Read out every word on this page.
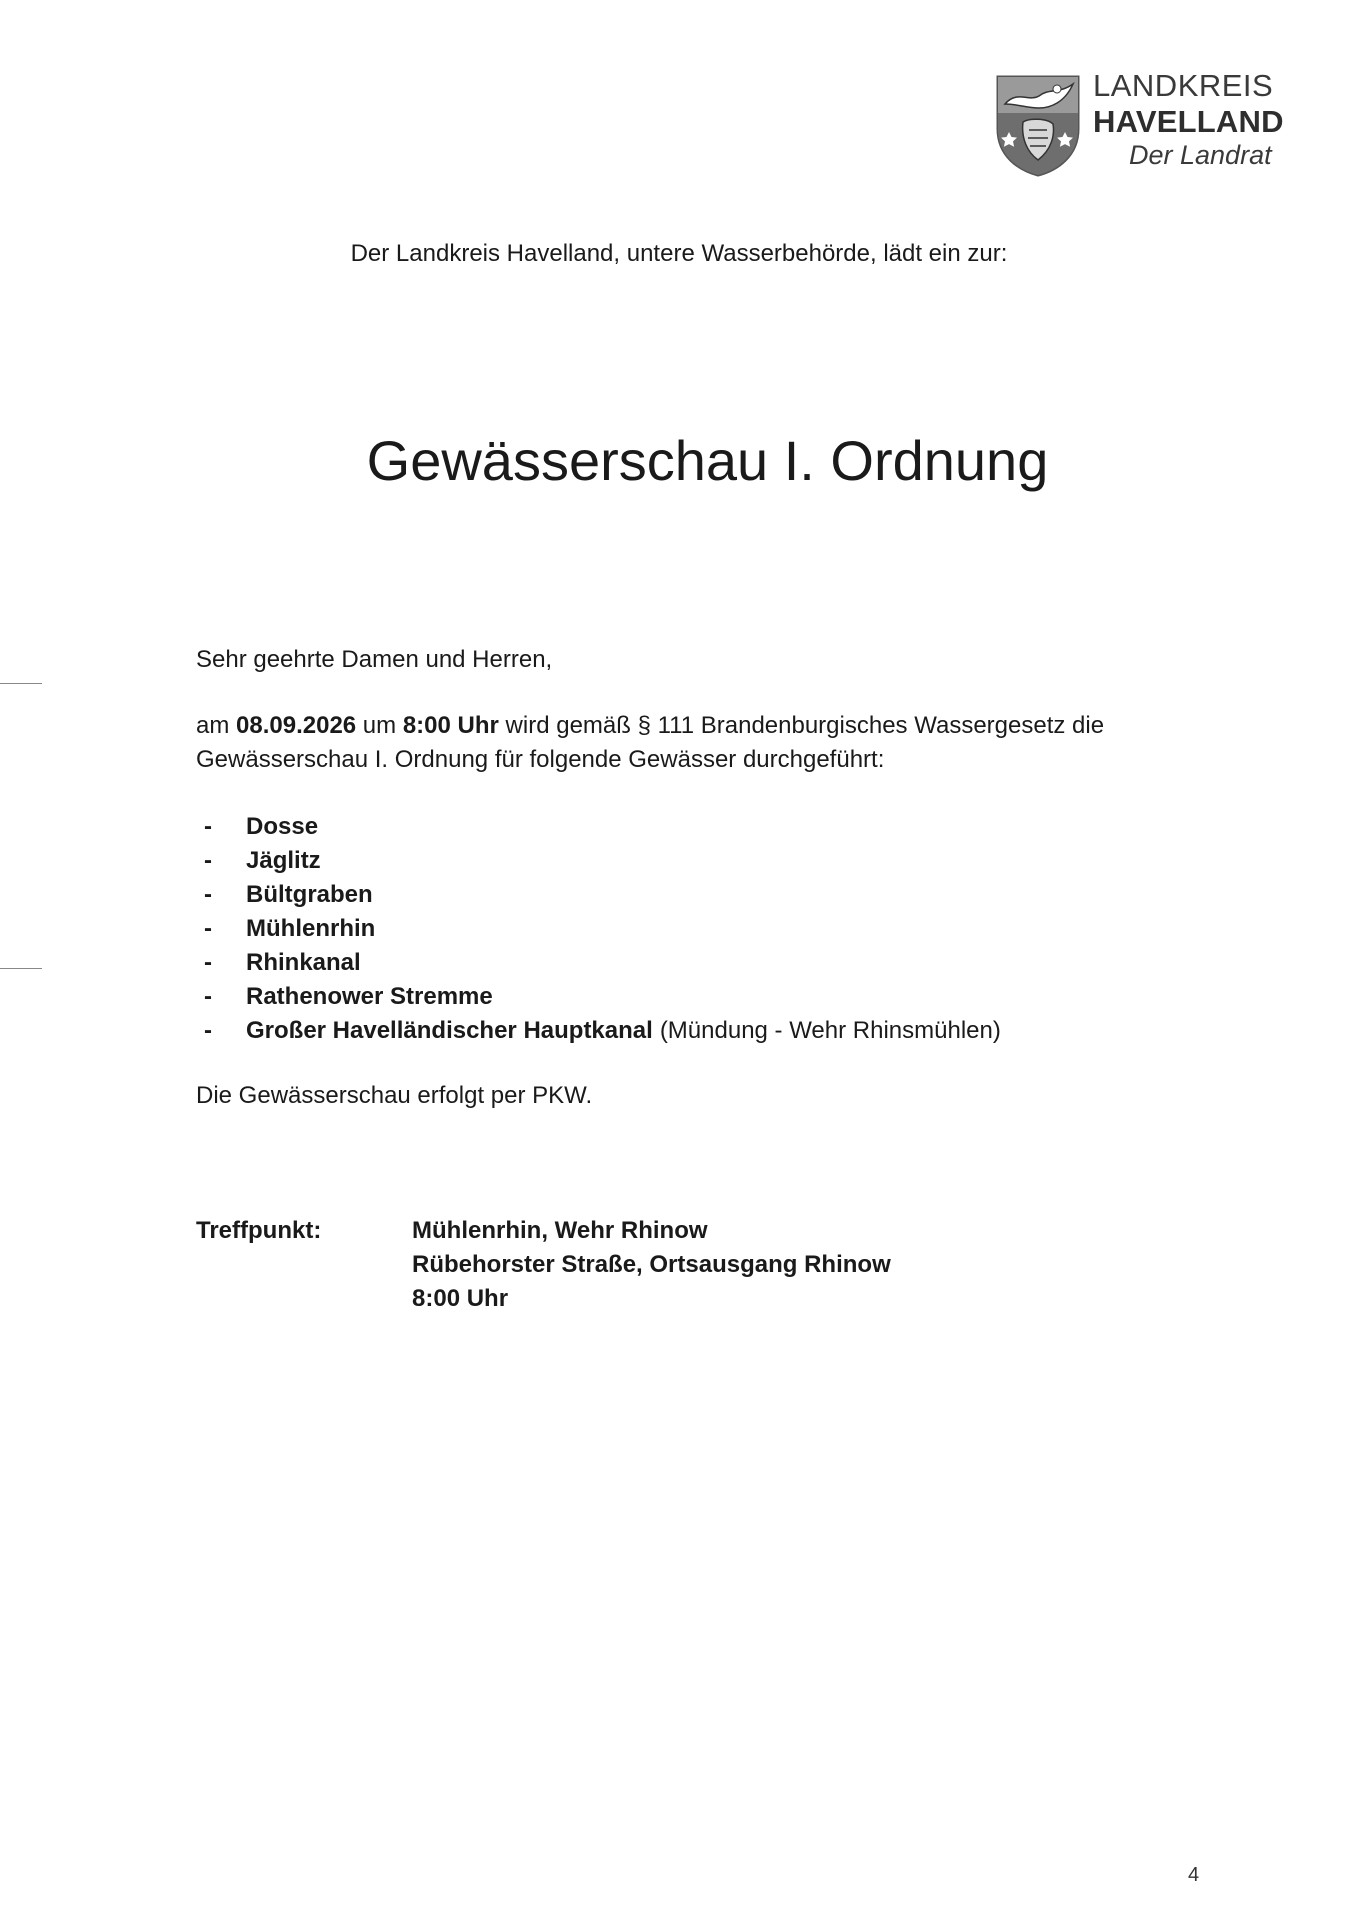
LANDKREIS
HAVELLAND
Der Landrat
Der Landkreis Havelland, untere Wasserbehörde, lädt ein zur:
Gewässerschau I. Ordnung
Sehr geehrte Damen und Herren,
am 08.09.2026 um 8:00 Uhr wird gemäß § 111 Brandenburgisches Wassergesetz die Gewässerschau I. Ordnung für folgende Gewässer durchgeführt:
-	Dosse
-	Jäglitz
-	Bültgraben
-	Mühlenrhin
-	Rhinkanal
-	Rathenower Stremme
-	Großer Havelländischer Hauptkanal (Mündung - Wehr Rhinsmühlen)
Die Gewässerschau erfolgt per PKW.
Treffpunkt:	Mühlenrhin, Wehr Rhinow
Rübehorster Straße, Ortsausgang Rhinow
8:00 Uhr
4
